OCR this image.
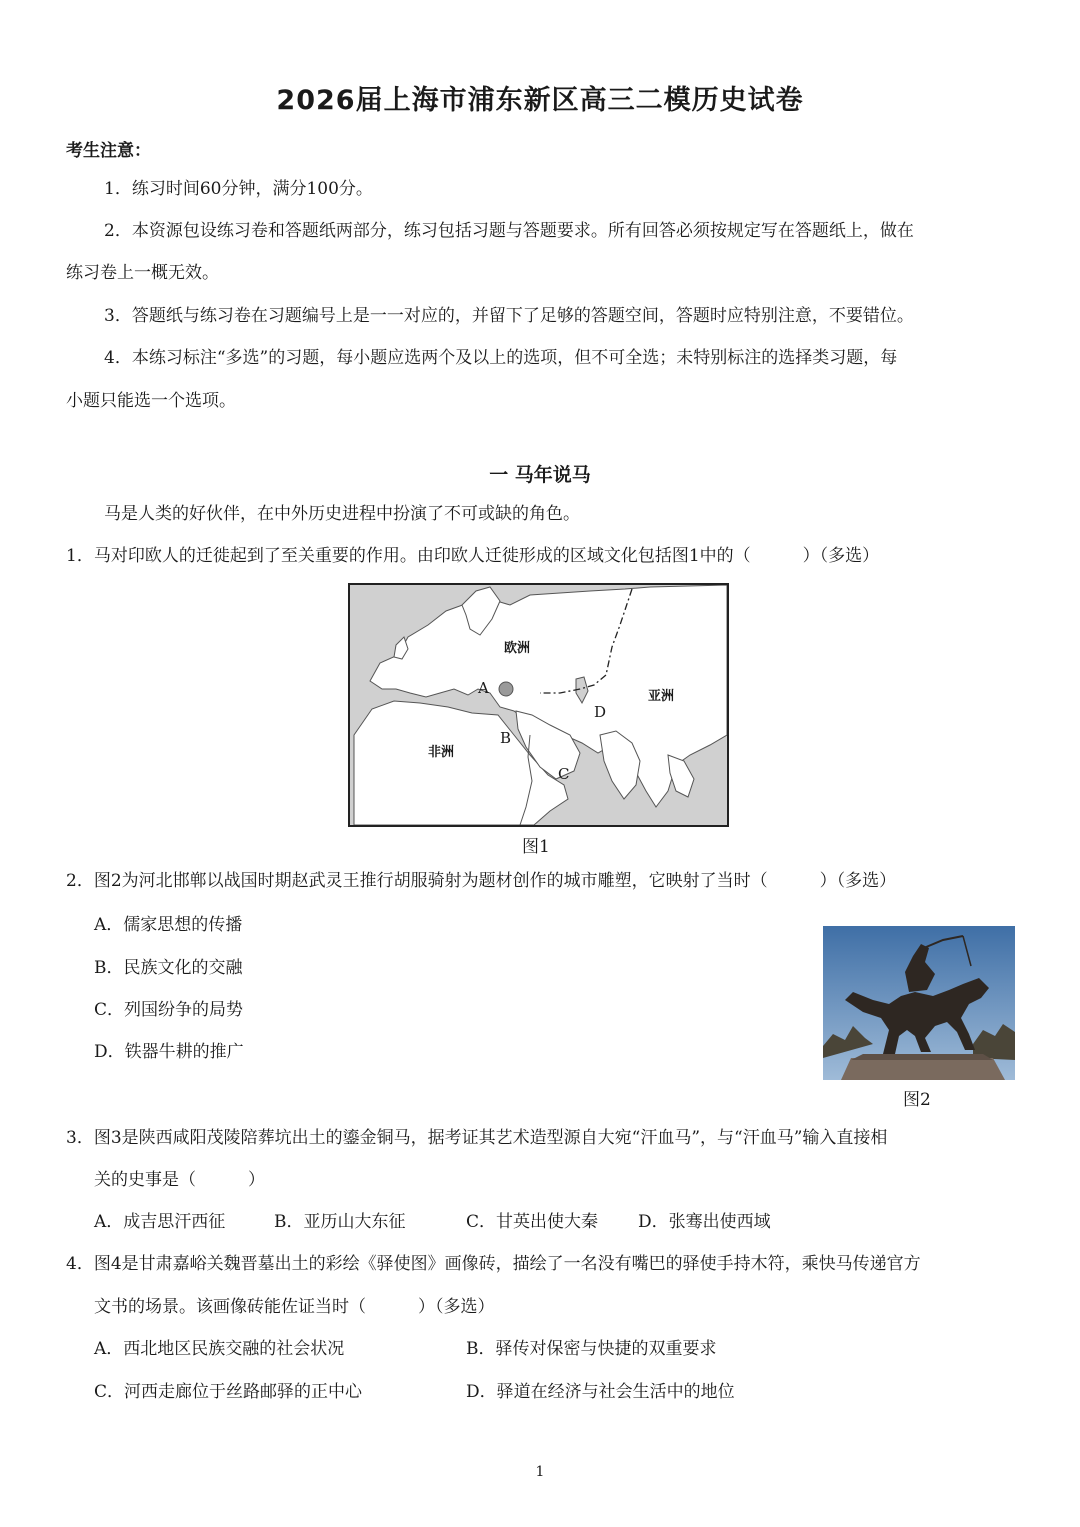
2026届上海市浦东新区高三二模历史试卷
考生注意：
1．练习时间60分钟，满分100分。
2．本资源包设练习卷和答题纸两部分，练习包括习题与答题要求。所有回答必须按规定写在答题纸上，做在
练习卷上一概无效。
3．答题纸与练习卷在习题编号上是一一对应的，并留下了足够的答题空间，答题时应特别注意，不要错位。
4．本练习标注“多选”的习题，每小题应选两个及以上的选项，但不可全选；未特别标注的选择类习题，每
小题只能选一个选项。
一 马年说马
马是人类的好伙伴，在中外历史进程中扮演了不可或缺的角色。
1．马对印欧人的迁徙起到了至关重要的作用。由印欧人迁徙形成的区域文化包括图1中的（	）（多选）
欧洲
亚洲
非洲
A
B
C
D
图1
2．图2为河北邯郸以战国时期赵武灵王推行胡服骑射为题材创作的城市雕塑，它映射了当时（	）（多选）
A．儒家思想的传播
B．民族文化的交融
C．列国纷争的局势
D．铁器牛耕的推广
图2
3．图3是陕西咸阳茂陵陪葬坑出土的鎏金铜马，据考证其艺术造型源自大宛“汗血马”，与“汗血马”输入直接相
关的史事是（	）
A．成吉思汗西征	B．亚历山大东征	C．甘英出使大秦 D．张骞出使西域
4．图4是甘肃嘉峪关魏晋墓出土的彩绘《驿使图》画像砖，描绘了一名没有嘴巴的驿使手持木符，乘快马传递官方
文书的场景。该画像砖能佐证当时（	）（多选）
A．西北地区民族交融的社会状况	B．驿传对保密与快捷的双重要求
C．河西走廊位于丝路邮驿的正中心	D．驿道在经济与社会生活中的地位
1
